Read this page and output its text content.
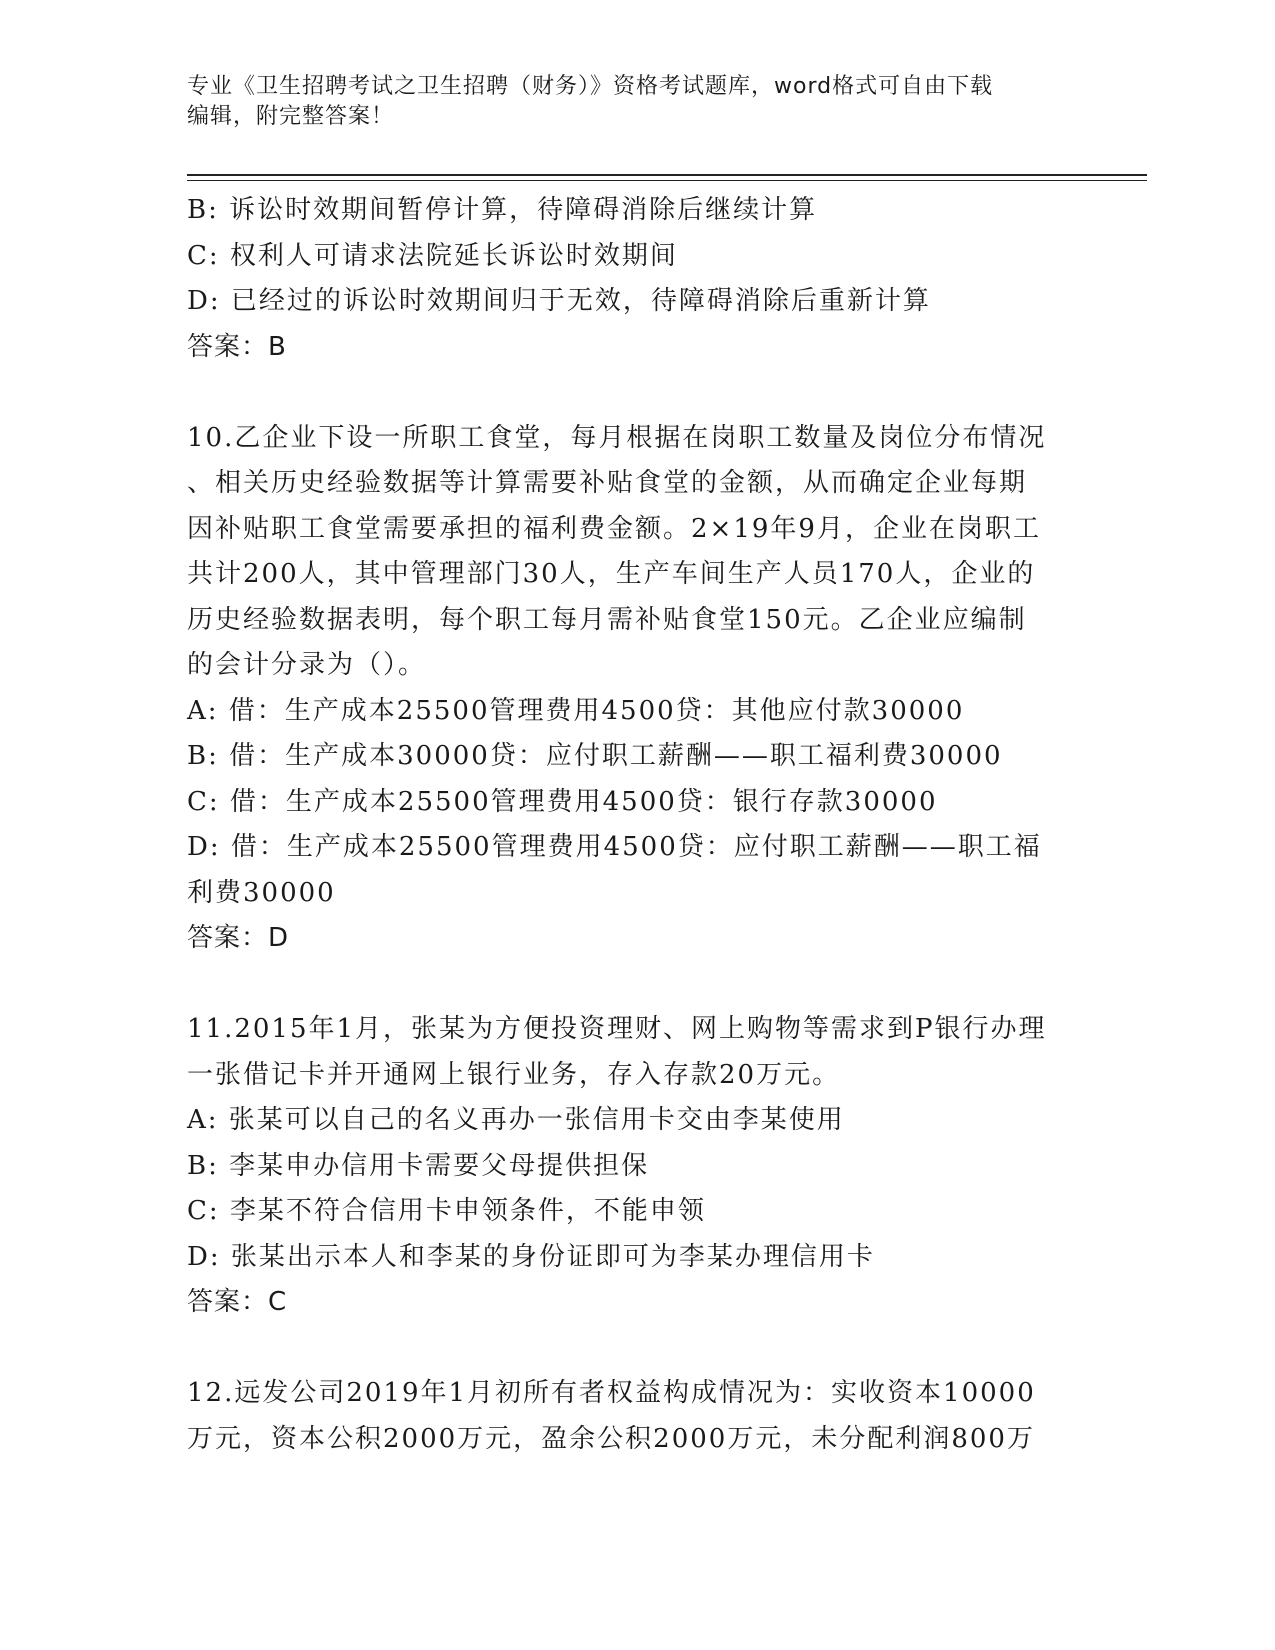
专业《卫生招聘考试之卫生招聘（财务）》资格考试题库，word格式可自由下载
编辑，附完整答案！
B: 诉讼时效期间暂停计算，待障碍消除后继续计算
C: 权利人可请求法院延长诉讼时效期间
D: 已经过的诉讼时效期间归于无效，待障碍消除后重新计算
答案：B
10.乙企业下设一所职工食堂，每月根据在岗职工数量及岗位分布情况
、相关历史经验数据等计算需要补贴食堂的金额，从而确定企业每期
因补贴职工食堂需要承担的福利费金额。2×19年9月，企业在岗职工
共计200人，其中管理部门30人，生产车间生产人员170人，企业的
历史经验数据表明，每个职工每月需补贴食堂150元。乙企业应编制
的会计分录为（）。
A: 借：生产成本25500管理费用4500贷：其他应付款30000
B: 借：生产成本30000贷：应付职工薪酬——职工福利费30000
C: 借：生产成本25500管理费用4500贷：银行存款30000
D: 借：生产成本25500管理费用4500贷：应付职工薪酬——职工福
利费30000
答案：D
11.2015年1月，张某为方便投资理财、网上购物等需求到P银行办理
一张借记卡并开通网上银行业务，存入存款20万元。
A: 张某可以自己的名义再办一张信用卡交由李某使用
B: 李某申办信用卡需要父母提供担保
C: 李某不符合信用卡申领条件，不能申领
D: 张某出示本人和李某的身份证即可为李某办理信用卡
答案：C
12.远发公司2019年1月初所有者权益构成情况为：实收资本10000
万元，资本公积2000万元，盈余公积2000万元，未分配利润800万
